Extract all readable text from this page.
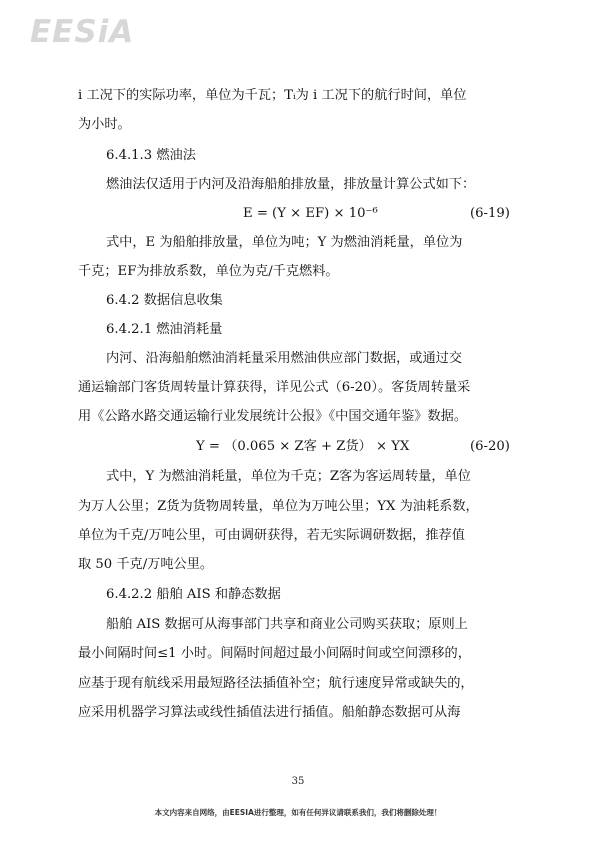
EESiA
i 工况下的实际功率，单位为千瓦；Tᵢ为 i 工况下的航行时间，单位
为小时。
6.4.1.3 燃油法
燃油法仅适用于内河及沿海船舶排放量，排放量计算公式如下：
E = (Y × EF) × 10⁻⁶	(6-19)
式中，E 为船舶排放量，单位为吨；Y 为燃油消耗量，单位为
千克；EF为排放系数，单位为克/千克燃料。
6.4.2 数据信息收集
6.4.2.1 燃油消耗量
内河、沿海船舶燃油消耗量采用燃油供应部门数据，或通过交
通运输部门客货周转量计算获得，详见公式（6-20）。客货周转量采
用《公路水路交通运输行业发展统计公报》《中国交通年鉴》数据。
Y = （0.065 × Z客 + Z货） × YX	(6-20)
式中，Y 为燃油消耗量，单位为千克；Z客为客运周转量，单位
为万人公里；Z货为货物周转量，单位为万吨公里；YX 为油耗系数，
单位为千克/万吨公里，可由调研获得，若无实际调研数据，推荐值
取 50 千克/万吨公里。
6.4.2.2 船舶 AIS 和静态数据
船舶 AIS 数据可从海事部门共享和商业公司购买获取；原则上
最小间隔时间≤1 小时。间隔时间超过最小间隔时间或空间漂移的，
应基于现有航线采用最短路径法插值补空；航行速度异常或缺失的，
应采用机器学习算法或线性插值法进行插值。船舶静态数据可从海
35
本文内容来自网络，由EESIA进行整理，如有任何异议请联系我们，我们将删除处理！
